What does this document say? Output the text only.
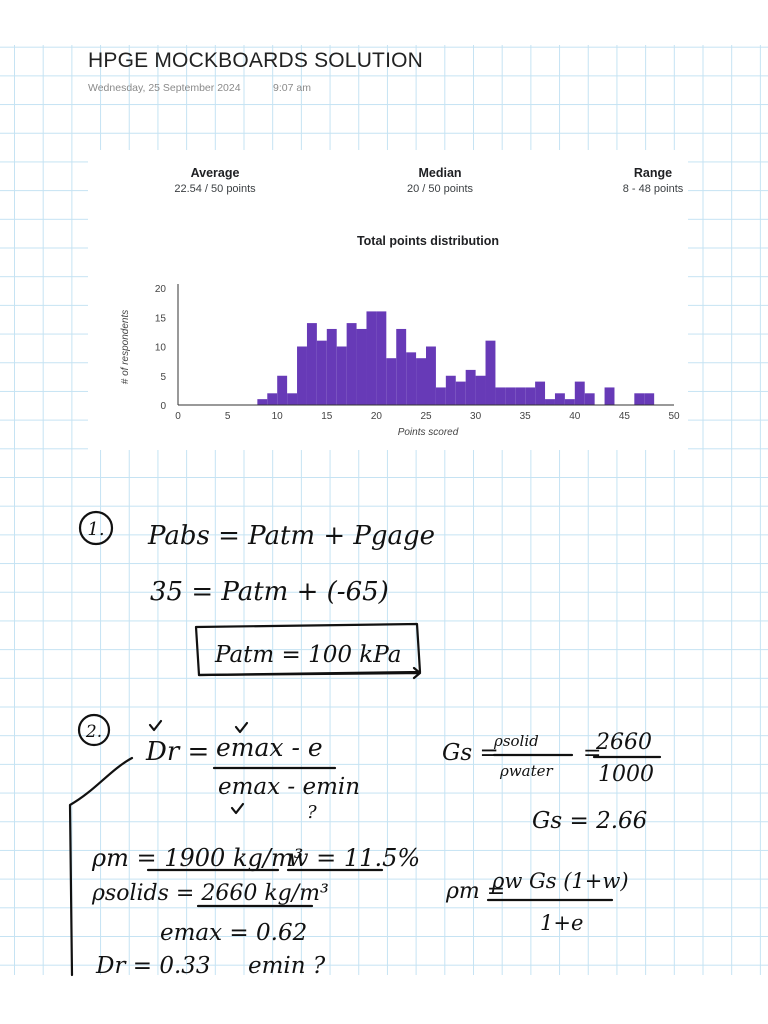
HPGE MOCKBOARDS SOLUTION
Wednesday, 25 September 2024	9:07 am
Average
22.54 / 50 points
Median
20 / 50 points
Range
8 - 48 points
Total points distribution
0	5	10	15	20	25	30	35	40	45	50
0
5
10
15
20
Points scored
# of respondents
1. Pabs = Patm + Pgage
35 = Patm + (-65)
Patm = 100 kPa
2.
Dr = emax - e
emax - emin
?
Gs =
ρsolid
ρwater
=
2660
1000
Gs = 2.66
ρm = 1900 kg/m³
w = 11.5%
ρsolids = 2660 kg/m³
emax = 0.62
Dr = 0.33 emin ?
ρm =
ρw Gs (1+w)
1+e
